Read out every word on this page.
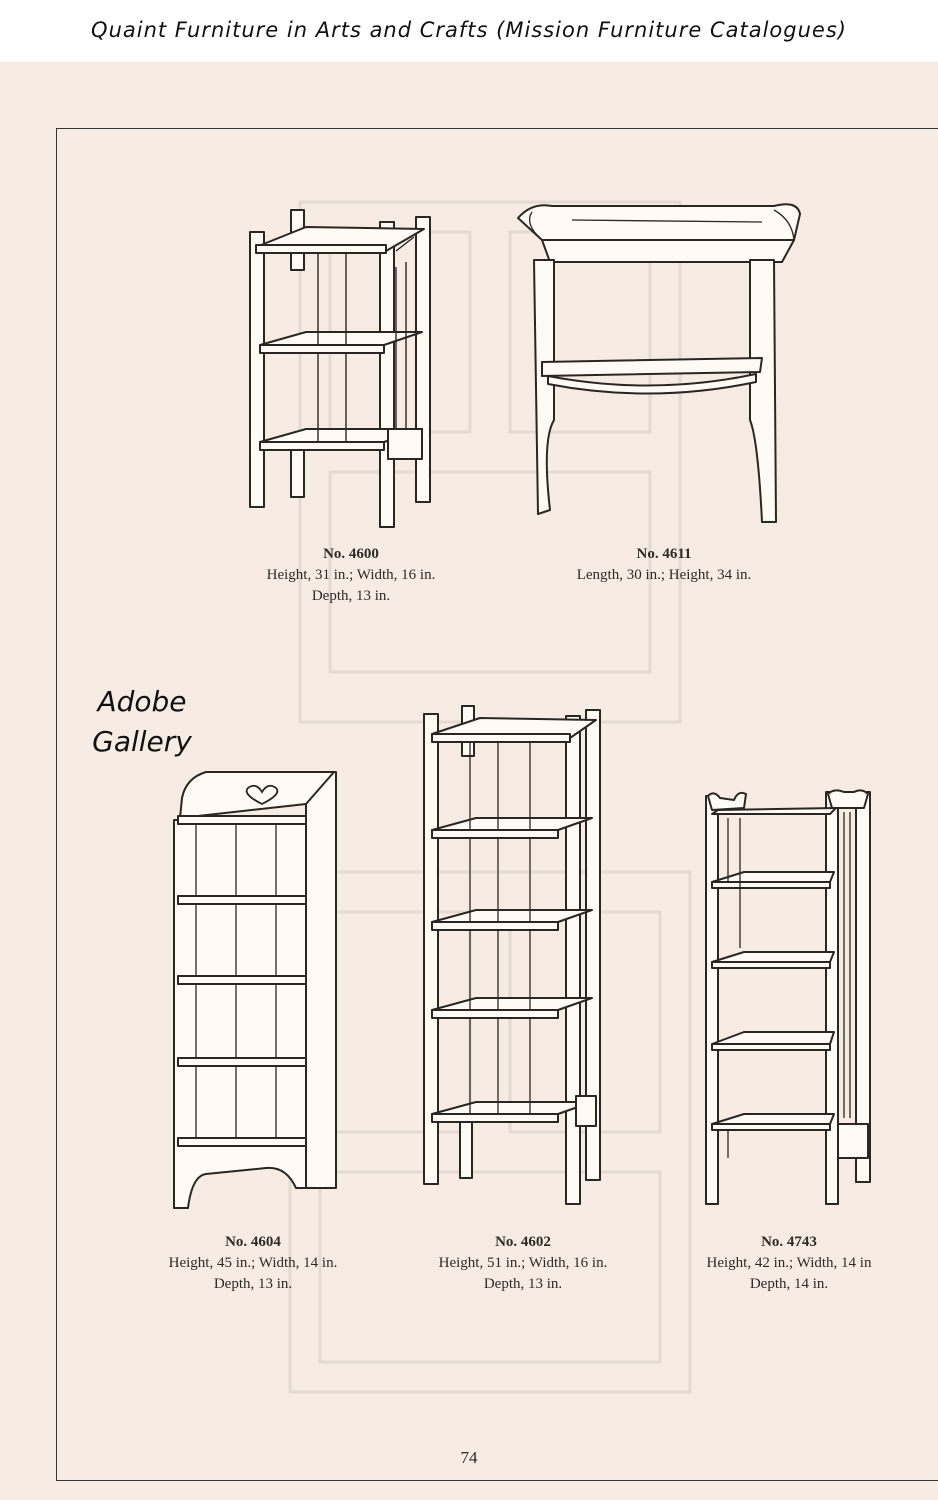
Quaint Furniture in Arts and Crafts (Mission Furniture Catalogues)
Adobe
Gallery
No. 4600
Height, 31 in.; Width, 16 in.
Depth, 13 in.
No. 4611
Length, 30 in.; Height, 34 in.
No. 4604
Height, 45 in.; Width, 14 in.
Depth, 13 in.
No. 4602
Height, 51 in.; Width, 16 in.
Depth, 13 in.
No. 4743
Height, 42 in.; Width, 14 in
Depth, 14 in.
74
